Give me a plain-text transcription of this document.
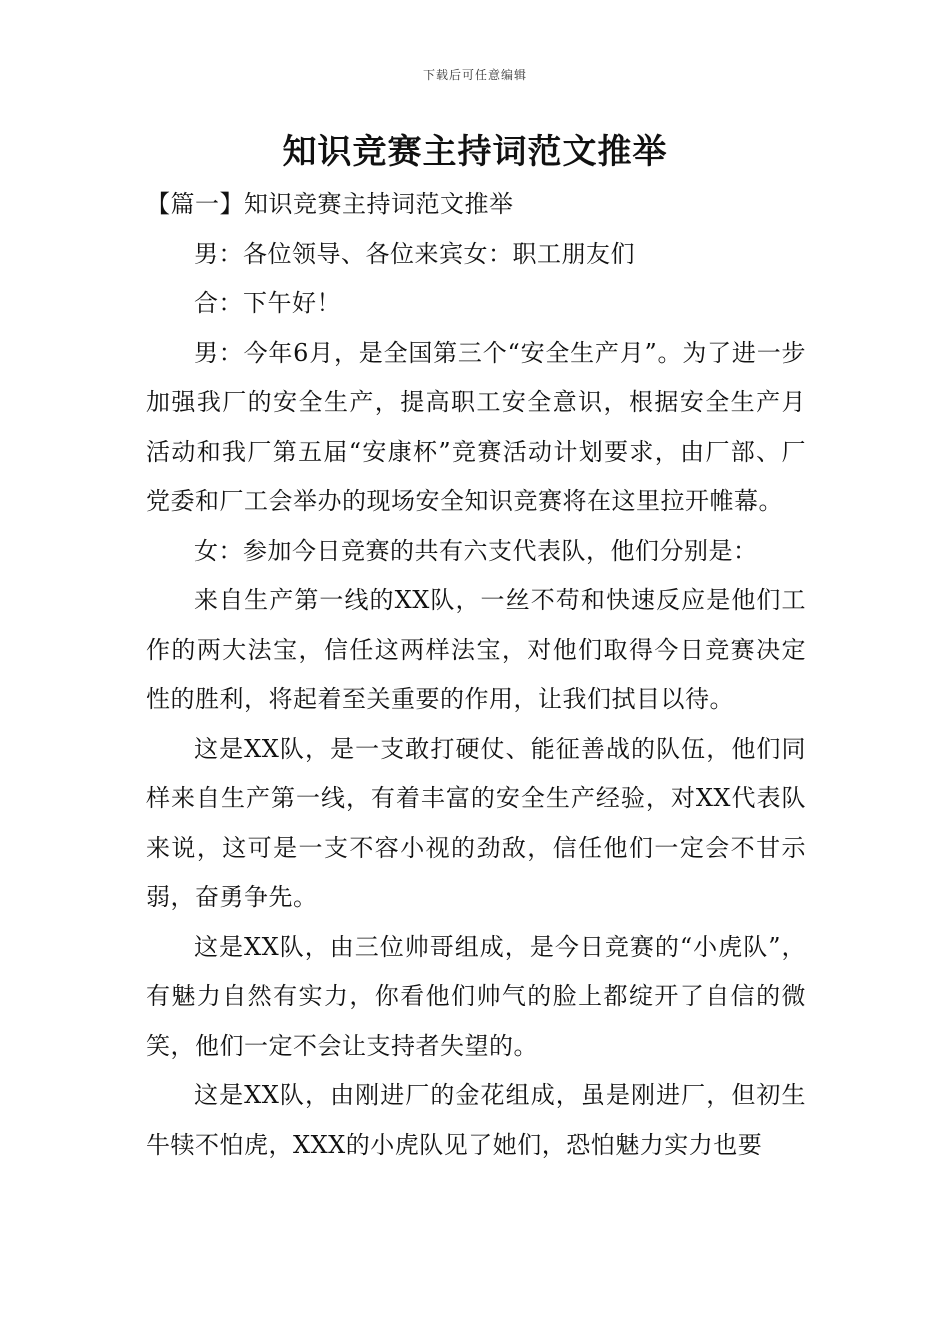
下载后可任意编辑
知识竞赛主持词范文推举

【篇一】知识竞赛主持词范文推举

男：各位领导、各位来宾女：职工朋友们

合：下午好！

男：今年6月，是全国第三个“安全生产月”。为了进一步加强我厂的安全生产，提高职工安全意识，根据安全生产月活动和我厂第五届“安康杯”竞赛活动计划要求，由厂部、厂党委和厂工会举办的现场安全知识竞赛将在这里拉开帷幕。

女：参加今日竞赛的共有六支代表队，他们分别是：

来自生产第一线的XX队，一丝不苟和快速反应是他们工作的两大法宝，信任这两样法宝，对他们取得今日竞赛决定性的胜利，将起着至关重要的作用，让我们拭目以待。

这是XX队，是一支敢打硬仗、能征善战的队伍，他们同样来自生产第一线，有着丰富的安全生产经验，对XX代表队来说，这可是一支不容小视的劲敌，信任他们一定会不甘示弱，奋勇争先。

这是XX队，由三位帅哥组成，是今日竞赛的“小虎队”，有魅力自然有实力，你看他们帅气的脸上都绽开了自信的微笑，他们一定不会让支持者失望的。

这是XX队，由刚进厂的金花组成，虽是刚进厂，但初生牛犊不怕虎，XXX的小虎队见了她们，恐怕魅力实力也要
